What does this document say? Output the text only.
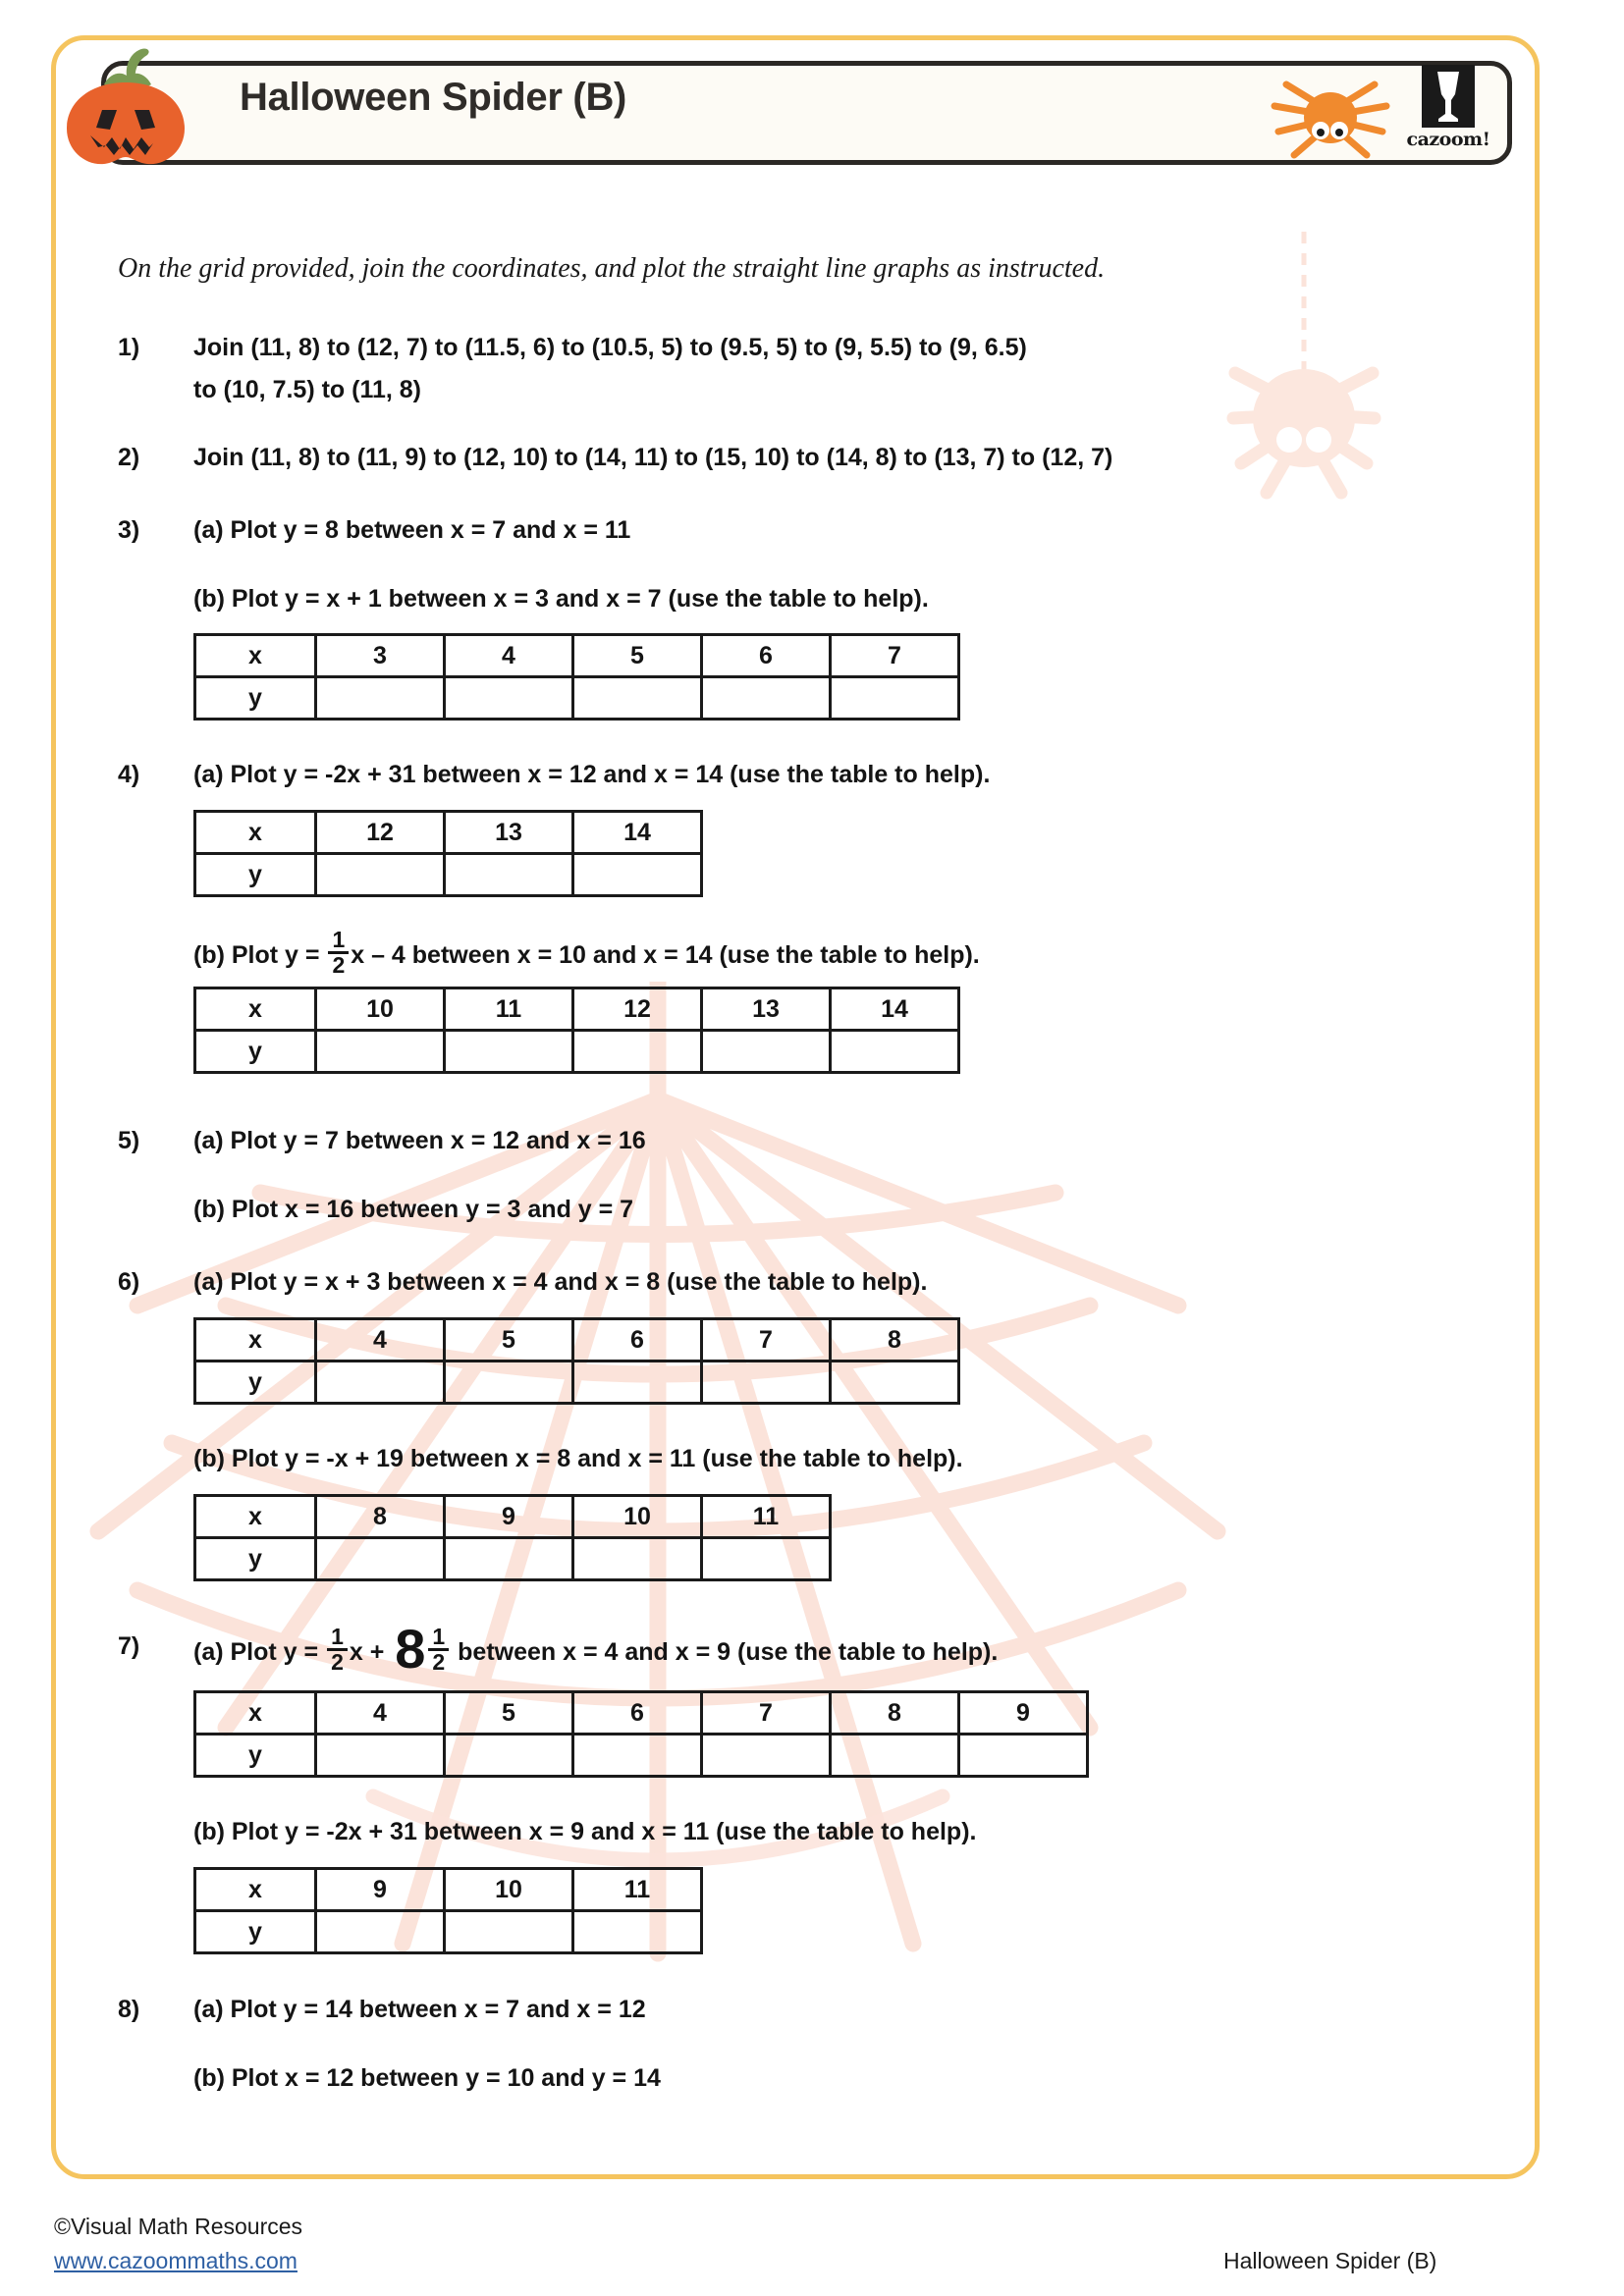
Halloween Spider (B)
cazoom!
On the grid provided, join the coordinates, and plot the straight line graphs as instructed.
1) Join (11, 8) to (12, 7) to (11.5, 6) to (10.5, 5) to (9.5, 5) to (9, 5.5) to (9, 6.5)
to (10, 7.5) to (11, 8)
2) Join (11, 8) to (11, 9) to (12, 10) to (14, 11) to (15, 10) to (14, 8) to (13, 7) to (12, 7)
3) (a) Plot y = 8 between x = 7 and x = 11
(b) Plot y = x + 1 between x = 3 and x = 7 (use the table to help).
x	3	4	5	6	7
y					
4) (a) Plot y = -2x + 31 between x = 12 and x = 14 (use the table to help).
x	12	13	14
y			
(b) Plot $y = \frac{1}{2}$ x – 4 between x = 10 and x = 14 (use the table to help).
x	10	11	12	13	14
y					
5) (a) Plot y = 7 between x = 12 and x = 16
(b) Plot x = 16 between y = 3 and y = 7
6) (a) Plot y = x + 3 between x = 4 and x = 8 (use the table to help).
x	4	5	6	7	8
y					
(b) Plot y = -x + 19 between x = 8 and x = 11 (use the table to help).
x	8	9	10	11
y				
7) (a) Plot $y = \frac{1}{2}$ $x + 8 \frac{1}{2}$ between x = 4 and x = 9 (use the table to help).
x	4	5	6	7	8	9
y						
(b) Plot y = -2x + 31 between x = 9 and x = 11 (use the table to help).
x	9	10	11
y			
8) (a) Plot y = 14 between x = 7 and x = 12
(b) Plot x = 12 between y = 10 and y = 14
©Visual Math Resources
www.cazoommaths.com	Halloween Spider (B)
